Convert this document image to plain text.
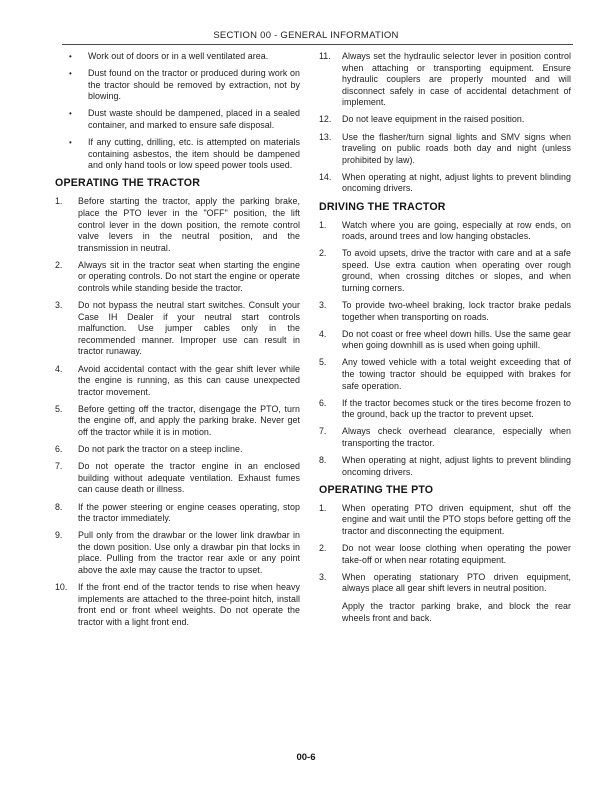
SECTION 00 - GENERAL INFORMATION
•	Work out of doors or in a well ventilated area.
•	Dust found on the tractor or produced during work on the tractor should be removed by extraction, not by blowing.
•	Dust waste should be dampened, placed in a sealed container, and marked to ensure safe disposal.
•	If any cutting, drilling, etc. is attempted on materials containing asbestos, the item should be dampened and only hand tools or low speed power tools used.
OPERATING THE TRACTOR
1.	Before starting the tractor, apply the parking brake, place the PTO lever in the "OFF" position, the lift control lever in the down position, the remote control valve levers in the neutral position, and the transmission in neutral.
2.	Always sit in the tractor seat when starting the engine or operating controls. Do not start the engine or operate controls while standing beside the tractor.
3.	Do not bypass the neutral start switches. Consult your Case IH Dealer if your neutral start controls malfunction. Use jumper cables only in the recommended manner. Improper use can result in tractor runaway.
4.	Avoid accidental contact with the gear shift lever while the engine is running, as this can cause unexpected tractor movement.
5.	Before getting off the tractor, disengage the PTO, turn the engine off, and apply the parking brake. Never get off the tractor while it is in motion.
6.	Do not park the tractor on a steep incline.
7.	Do not operate the tractor engine in an enclosed building without adequate ventilation. Exhaust fumes can cause death or illness.
8.	If the power steering or engine ceases operating, stop the tractor immediately.
9.	Pull only from the drawbar or the lower link drawbar in the down position. Use only a drawbar pin that locks in place. Pulling from the tractor rear axle or any point above the axle may cause the tractor to upset.
10.	If the front end of the tractor tends to rise when heavy implements are attached to the three-point hitch, install front end or front wheel weights. Do not operate the tractor with a light front end.
11.	Always set the hydraulic selector lever in position control when attaching or transporting equipment. Ensure hydraulic couplers are properly mounted and will disconnect safely in case of accidental detachment of implement.
12.	Do not leave equipment in the raised position.
13.	Use the flasher/turn signal lights and SMV signs when traveling on public roads both day and night (unless prohibited by law).
14.	When operating at night, adjust lights to prevent blinding oncoming drivers.
DRIVING THE TRACTOR
1.	Watch where you are going, especially at row ends, on roads, around trees and low hanging obstacles.
2.	To avoid upsets, drive the tractor with care and at a safe speed. Use extra caution when operating over rough ground, when crossing ditches or slopes, and when turning corners.
3.	To provide two-wheel braking, lock tractor brake pedals together when transporting on roads.
4.	Do not coast or free wheel down hills. Use the same gear when going downhill as is used when going uphill.
5.	Any towed vehicle with a total weight exceeding that of the towing tractor should be equipped with brakes for safe operation.
6.	If the tractor becomes stuck or the tires become frozen to the ground, back up the tractor to prevent upset.
7.	Always check overhead clearance, especially when transporting the tractor.
8.	When operating at night, adjust lights to prevent blinding oncoming drivers.
OPERATING THE PTO
1.	When operating PTO driven equipment, shut off the engine and wait until the PTO stops before getting off the tractor and disconnecting the equipment.
2.	Do not wear loose clothing when operating the power take-off or when near rotating equipment.
3.	When operating stationary PTO driven equipment, always place all gear shift levers in neutral position.

Apply the tractor parking brake, and block the rear wheels front and back.

00-6
